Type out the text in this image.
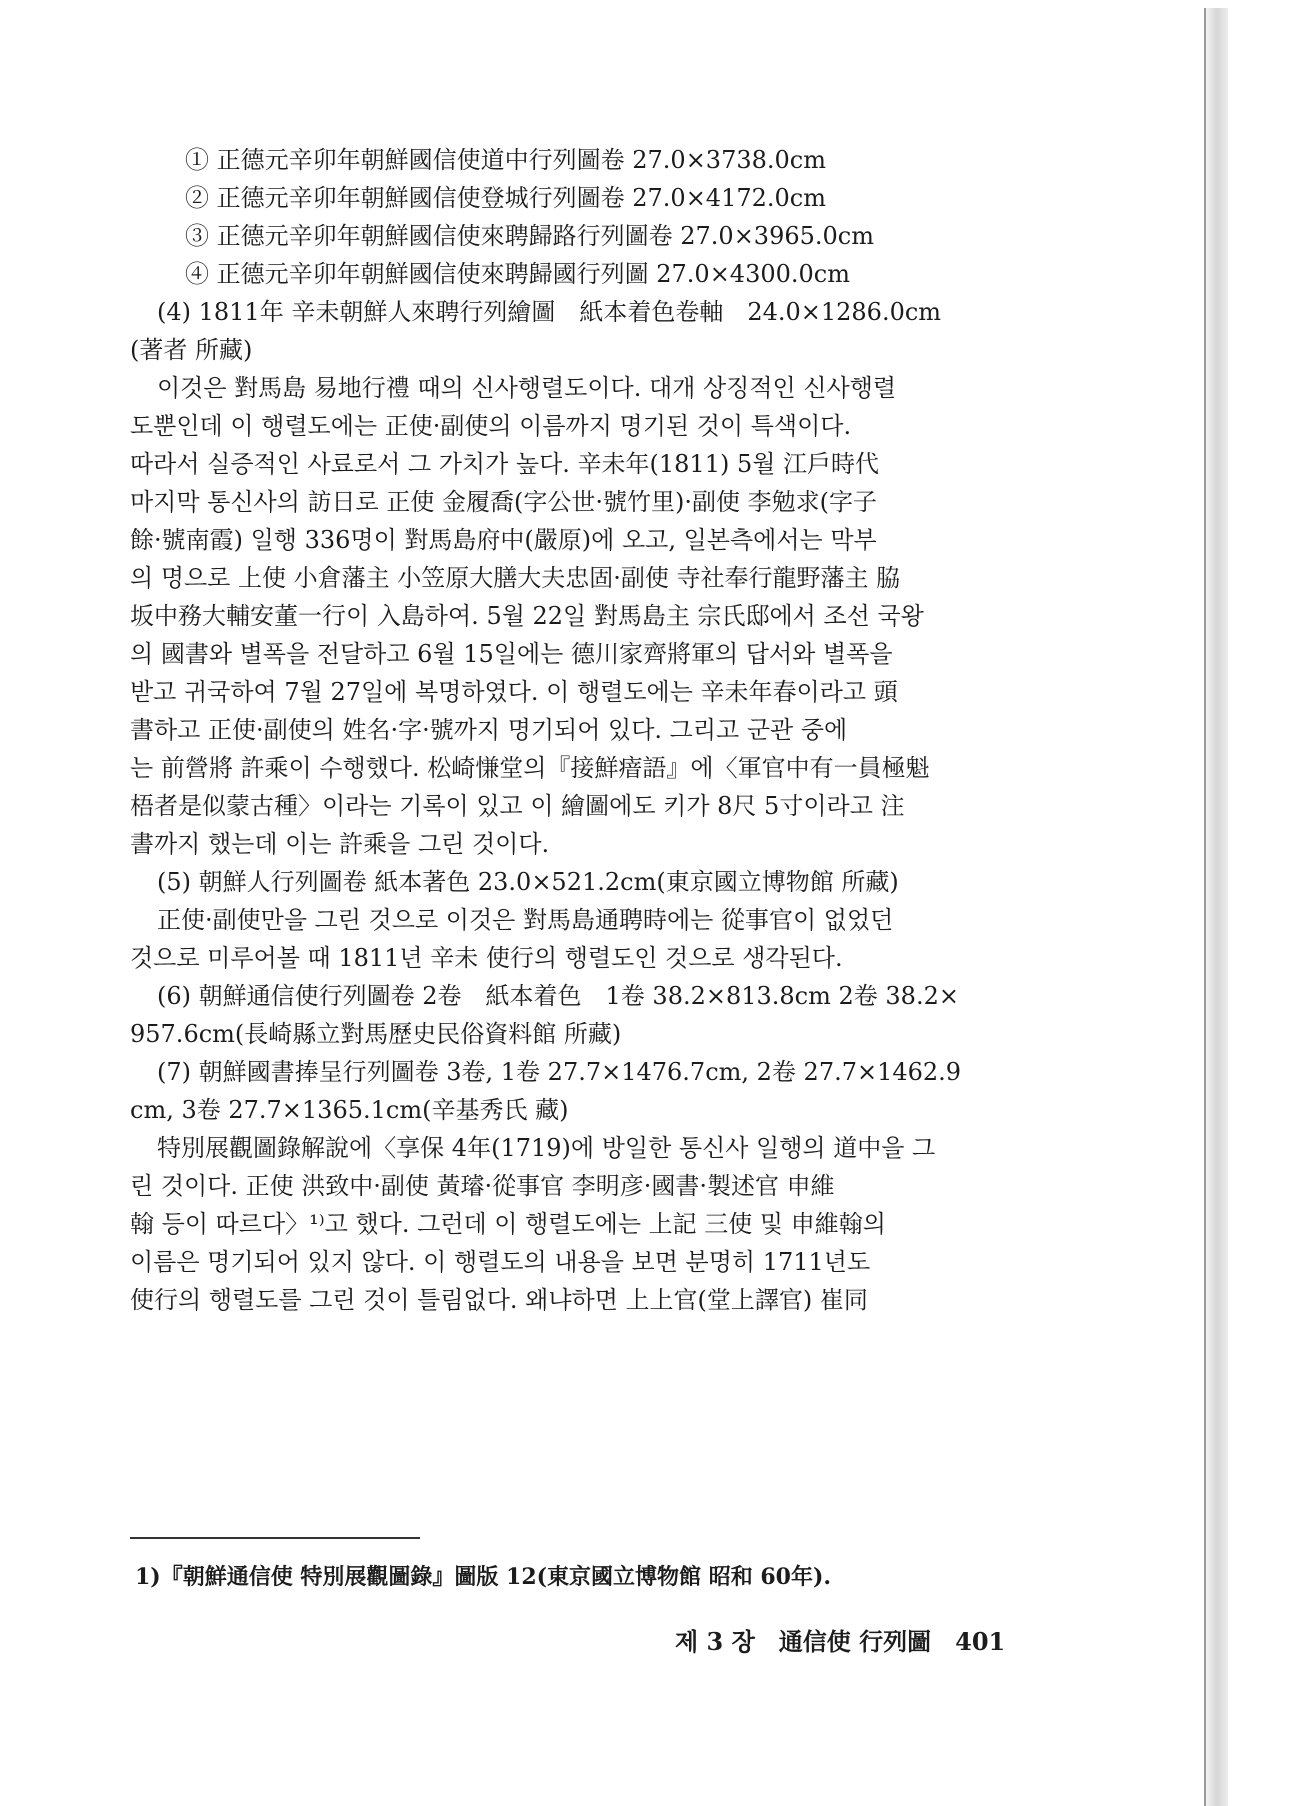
① 正德元辛卯年朝鮮國信使道中行列圖卷 27.0×3738.0cm
② 正德元辛卯年朝鮮國信使登城行列圖卷 27.0×4172.0cm
③ 正德元辛卯年朝鮮國信使來聘歸路行列圖卷 27.0×3965.0cm
④ 正德元辛卯年朝鮮國信使來聘歸國行列圖 27.0×4300.0cm
(4) 1811年 辛未朝鮮人來聘行列繪圖　紙本着色卷軸　24.0×1286.0cm
(著者 所藏)
이것은 對馬島 易地行禮 때의 신사행렬도이다. 대개 상징적인 신사행렬
도뿐인데 이 행렬도에는 正使·副使의 이름까지 명기된 것이 특색이다.
따라서 실증적인 사료로서 그 가치가 높다. 辛未年(1811) 5월 江戶時代
마지막 통신사의 訪日로 正使 金履喬(字公世·號竹里)·副使 李勉求(字子
餘·號南霞) 일행 336명이 對馬島府中(嚴原)에 오고, 일본측에서는 막부
의 명으로 上使 小倉藩主 小笠原大膳大夫忠固·副使 寺社奉行龍野藩主 脇
坂中務大輔安董一行이 入島하여. 5월 22일 對馬島主 宗氏邸에서 조선 국왕
의 國書와 별폭을 전달하고 6월 15일에는 德川家齊將軍의 답서와 별폭을
받고 귀국하여 7월 27일에 복명하였다. 이 행렬도에는 辛未年春이라고 頭
書하고 正使·副使의 姓名·字·號까지 명기되어 있다. 그리고 군관 중에
는 前營將 許乘이 수행했다. 松崎慊堂의『接鮮瘖語』에〈軍官中有一員極魁
梧者是似蒙古種〉이라는 기록이 있고 이 繪圖에도 키가 8尺 5寸이라고 注
書까지 했는데 이는 許乘을 그린 것이다.
(5) 朝鮮人行列圖卷 紙本著色 23.0×521.2cm(東京國立博物館 所藏)
正使·副使만을 그린 것으로 이것은 對馬島通聘時에는 從事官이 없었던
것으로 미루어볼 때 1811년 辛未 使行의 행렬도인 것으로 생각된다.
(6) 朝鮮通信使行列圖卷 2卷　紙本着色　1卷 38.2×813.8cm 2卷 38.2×
957.6cm(長崎縣立對馬歷史民俗資料館 所藏)
(7) 朝鮮國書捧呈行列圖卷 3卷, 1卷 27.7×1476.7cm, 2卷 27.7×1462.9
cm, 3卷 27.7×1365.1cm(辛基秀氏 藏)
特別展觀圖錄解說에〈享保 4年(1719)에 방일한 통신사 일행의 道中을 그
린 것이다. 正使 洪致中·副使 黃璿·從事官 李明彦·國書·製述官 申維
翰 등이 따르다〉¹⁾고 했다. 그런데 이 행렬도에는 上記 三使 및 申維翰의
이름은 명기되어 있지 않다. 이 행렬도의 내용을 보면 분명히 1711년도
使行의 행렬도를 그린 것이 틀림없다. 왜냐하면 上上官(堂上譯官) 崔同
1)『朝鮮通信使 特別展觀圖錄』圖版 12(東京國立博物館 昭和 60年).
제 3 장　通信使 行列圖　401
